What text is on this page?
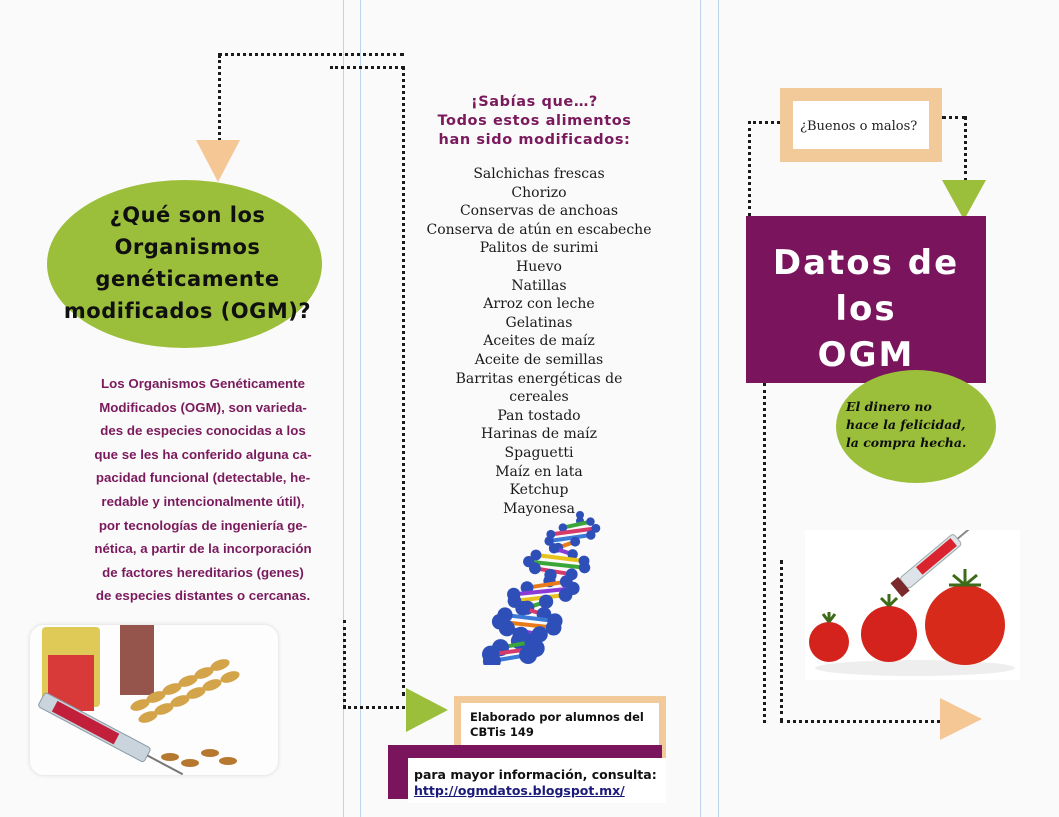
¿Qué son los
Organismos
genéticamente
modificados (OGM)?
Los Organismos Genéticamente
Modificados (OGM), son varieda-
des de especies conocidas a los
que se les ha conferido alguna ca-
pacidad funcional (detectable, he-
redable y intencionalmente útil),
por tecnologías de ingeniería ge-
nética, a partir de la incorporación
de factores hereditarios (genes)
de especies distantes o cercanas.
¡Sabías que…?
Todos estos alimentos
han sido modificados:
Salchichas frescas
Chorizo
Conservas de anchoas
Conserva de atún en escabeche
Palitos de surimi
Huevo
Natillas
Arroz con leche
Gelatinas
Aceites de maíz
Aceite de semillas
Barritas energéticas de cereales
Pan tostado
Harinas de maíz
Spaguetti
Maíz en lata
Ketchup
Mayonesa
Elaborado por alumnos del
CBTis 149
para mayor información, consulta:
http://ogmdatos.blogspot.mx/
¿Buenos o malos?
Datos de los
OGM
El dinero no
hace la felicidad,
la compra hecha.
